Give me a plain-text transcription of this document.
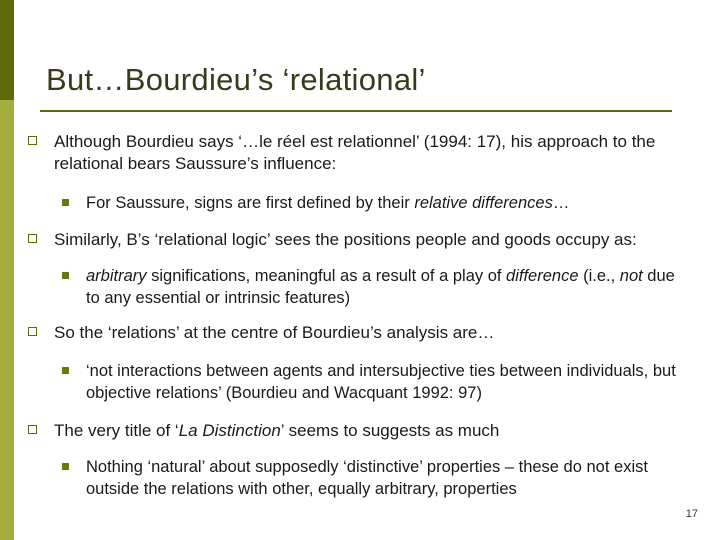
But…Bourdieu’s ‘relational’
Although Bourdieu says ‘…le réel est relationnel’ (1994: 17), his approach to the relational bears Saussure’s influence:
For Saussure, signs are first defined by their relative differences…
Similarly, B’s ‘relational logic’ sees the positions people and goods occupy as:
arbitrary significations, meaningful as a result of a play of difference (i.e., not due to any essential or intrinsic features)
So the ‘relations’ at the centre of Bourdieu’s analysis are…
‘not interactions between agents and intersubjective ties between individuals, but objective relations’ (Bourdieu and Wacquant 1992: 97)
The very title of ‘La Distinction’ seems to suggests as much
Nothing ‘natural’ about supposedly ‘distinctive’ properties – these do not exist outside the relations with other, equally arbitrary, properties
17
